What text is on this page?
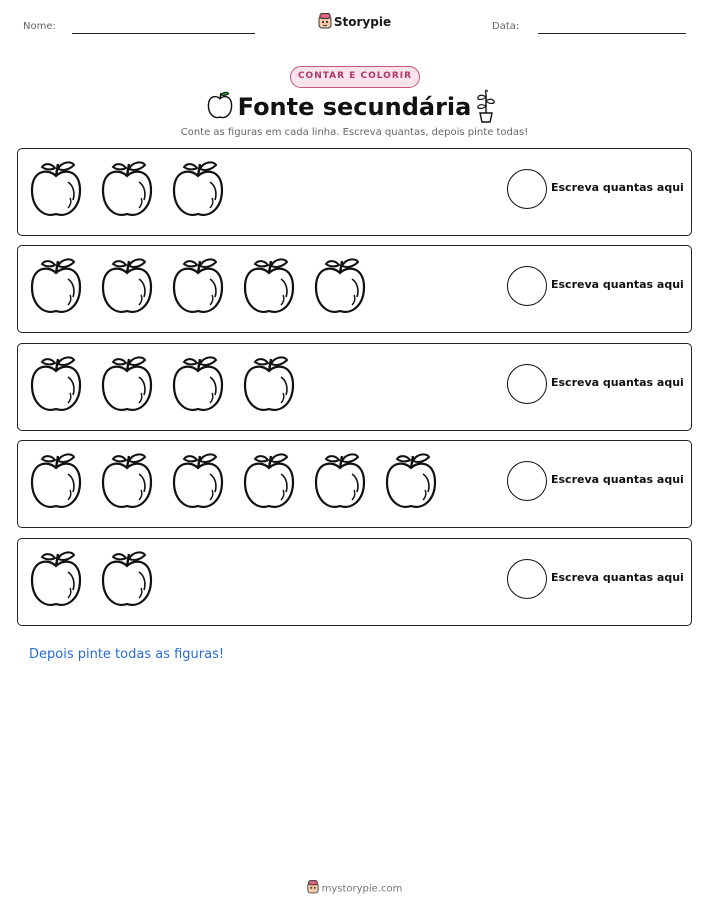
Nome:	Storypie	Data:
CONTAR E COLORIR
Fonte secundária
Conte as figuras em cada linha. Escreva quantas, depois pinte todas!
Escreva quantas aqui
Escreva quantas aqui
Escreva quantas aqui
Escreva quantas aqui
Escreva quantas aqui
Depois pinte todas as figuras!
mystorypie.com
